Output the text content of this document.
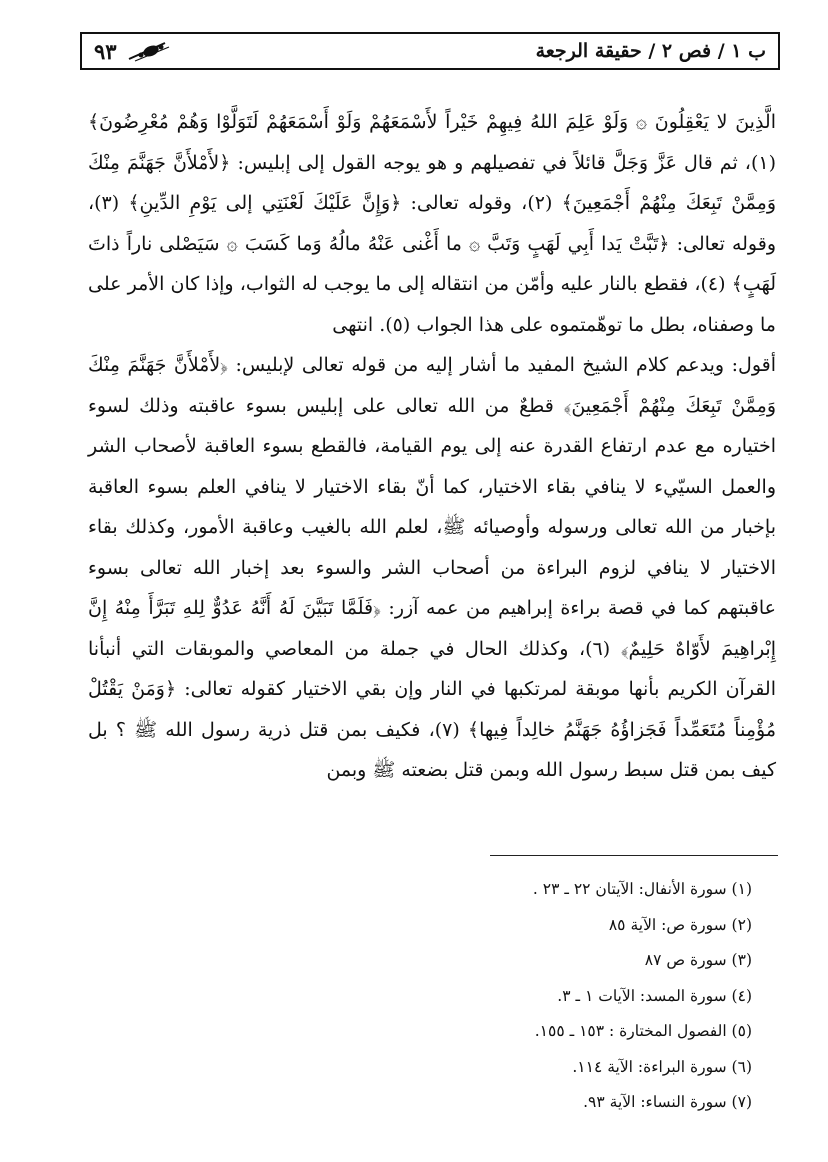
ب ١ / فص ٢ / حقيقة الرجعة
٩٣

الَّذِينَ لا يَعْقِلُونَ ۞ وَلَوْ عَلِمَ اللهُ فِيهِمْ خَيْراً لأَسْمَعَهُمْ وَلَوْ أَسْمَعَهُمْ لَتَوَلَّوْا وَهُمْ مُعْرِضُونَ﴾ (١)، ثم قال عَزَّ وَجَلَّ قائلاً في تفصيلهم و هو يوجه القول إلى إبليس: ﴿لأَمْلأَنَّ جَهَنَّمَ مِنْكَ وَمِمَّنْ تَبِعَكَ مِنْهُمْ أَجْمَعِينَ﴾ (٢)، وقوله تعالى: ﴿وَإِنَّ عَلَيْكَ لَعْنَتِي إلى يَوْمِ الدِّينِ﴾ (٣)، وقوله تعالى: ﴿تَبَّتْ يَدا أَبِي لَهَبٍ وَتَبَّ ۞ ما أَغْنى عَنْهُ مالُهُ وَما كَسَبَ ۞ سَيَصْلى ناراً ذاتَ لَهَبٍ﴾ (٤)، فقطع بالنار عليه وأمّن من انتقاله إلى ما يوجب له الثواب، وإذا كان الأمر على ما وصفناه، بطل ما توهّمتموه على هذا الجواب (٥). انتهى

أقول: ويدعم كلام الشيخ المفيد ما أشار إليه من قوله تعالى لإبليس: ﴿لأَمْلأَنَّ جَهَنَّمَ مِنْكَ وَمِمَّنْ تَبِعَكَ مِنْهُمْ أَجْمَعِينَ﴾ قطعٌ من الله تعالى على إبليس بسوء عاقبته وذلك لسوء اختياره مع عدم ارتفاع القدرة عنه إلى يوم القيامة، فالقطع بسوء العاقبة لأصحاب الشر والعمل السيّيء لا ينافي بقاء الاختيار، كما أنّ بقاء الاختيار لا ينافي العلم بسوء العاقبة بإخبار من الله تعالى ورسوله وأوصيائه ﷺ، لعلم الله بالغيب وعاقبة الأمور، وكذلك بقاء الاختيار لا ينافي لزوم البراءة من أصحاب الشر والسوء بعد إخبار الله تعالى بسوء عاقبتهم كما في قصة براءة إبراهيم من عمه آزر: ﴿فَلَمَّا تَبَيَّنَ لَهُ أَنَّهُ عَدُوٌّ لِلهِ تَبَرَّأَ مِنْهُ إِنَّ إِبْراهِيمَ لأَوّاهٌ حَلِيمٌ﴾ (٦)، وكذلك الحال في جملة من المعاصي والموبقات التي أنبأنا القرآن الكريم بأنها موبقة لمرتكبها في النار وإن بقي الاختيار كقوله تعالى: ﴿وَمَنْ يَقْتُلْ مُؤْمِناً مُتَعَمِّداً فَجَزاؤُهُ جَهَنَّمُ خالِداً فِيها﴾ (٧)، فكيف بمن قتل ذرية رسول الله ﷺ ؟ بل كيف بمن قتل سبط رسول الله وبمن قتل بضعته ﷺ وبمن

(١) سورة الأنفال: الآيتان ٢٢ ـ ٢٣ .
(٢) سورة ص: الآية ٨٥
(٣) سورة ص ٨٧
(٤) سورة المسد: الآيات ١ ـ ٣.
(٥) الفصول المختارة : ١٥٣ ـ ١٥٥.
(٦) سورة البراءة: الآية ١١٤.
(٧) سورة النساء: الآية ٩٣.
